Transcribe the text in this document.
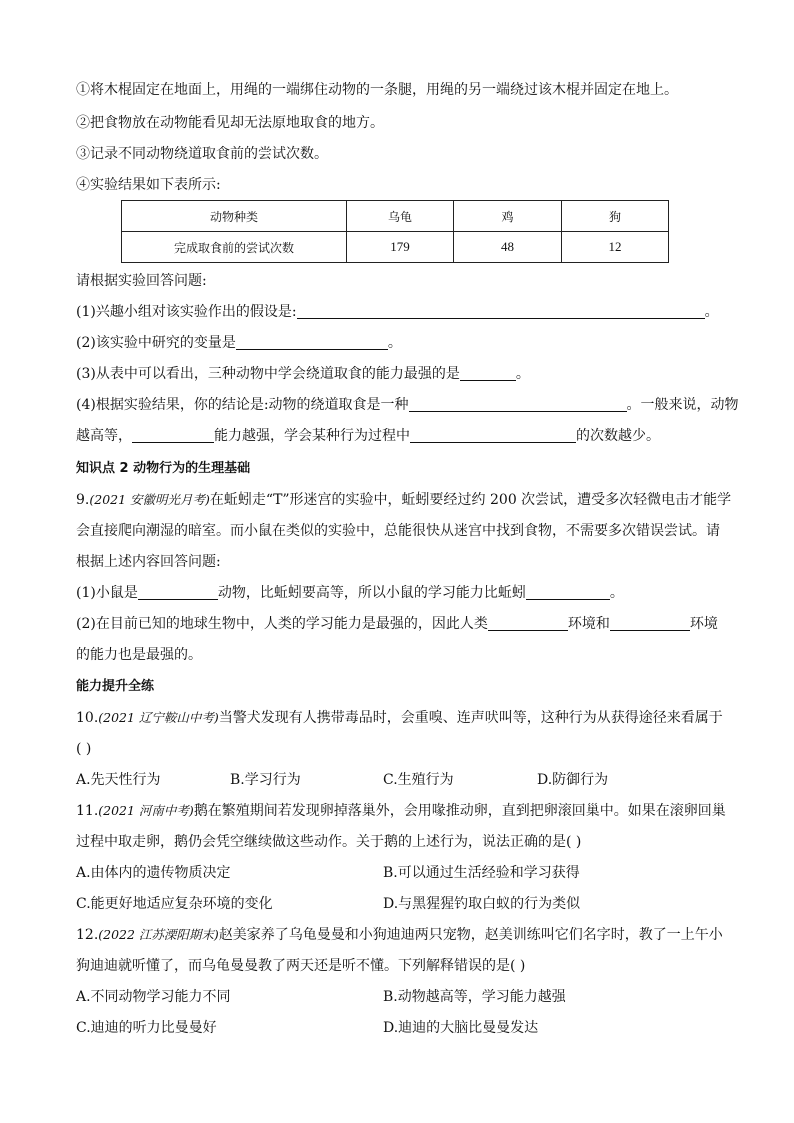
①将木棍固定在地面上，用绳的一端绑住动物的一条腿，用绳的另一端绕过该木棍并固定在地上。
②把食物放在动物能看见却无法原地取食的地方。
③记录不同动物绕道取食前的尝试次数。
④实验结果如下表所示:
动物种类	乌龟	鸡	狗
完成取食前的尝试次数	179	48	12
请根据实验回答问题:
(1)兴趣小组对该实验作出的假设是:	。
(2)该实验中研究的变量是	。
(3)从表中可以看出，三种动物中学会绕道取食的能力最强的是	。
(4)根据实验结果，你的结论是:动物的绕道取食是一种	。一般来说，动物
越高等，	能力越强，学会某种行为过程中	的次数越少。
知识点 2 动物行为的生理基础
9.(2021 安徽明光月考)在蚯蚓走“T”形迷宫的实验中，蚯蚓要经过约 200 次尝试，遭受多次轻微电击才能学
会直接爬向潮湿的暗室。而小鼠在类似的实验中，总能很快从迷宫中找到食物，不需要多次错误尝试。请
根据上述内容回答问题:
(1)小鼠是	动物，比蚯蚓要高等，所以小鼠的学习能力比蚯蚓	。
(2)在目前已知的地球生物中，人类的学习能力是最强的，因此人类	环境和	环境
的能力也是最强的。
能力提升全练
10.(2021 辽宁鞍山中考)当警犬发现有人携带毒品时，会重嗅、连声吠叫等，这种行为从获得途径来看属于
( )
A.先天性行为	B.学习行为	C.生殖行为	D.防御行为
11.(2021 河南中考)鹅在繁殖期间若发现卵掉落巢外，会用喙推动卵，直到把卵滚回巢中。如果在滚卵回巢
过程中取走卵，鹅仍会凭空继续做这些动作。关于鹅的上述行为，说法正确的是( )
A.由体内的遗传物质决定	B.可以通过生活经验和学习获得
C.能更好地适应复杂环境的变化	D.与黑猩猩钓取白蚁的行为类似
12.(2022 江苏溧阳期末)赵美家养了乌龟曼曼和小狗迪迪两只宠物，赵美训练叫它们名字时，教了一上午小
狗迪迪就听懂了，而乌龟曼曼教了两天还是听不懂。下列解释错误的是( )
A.不同动物学习能力不同	B.动物越高等，学习能力越强
C.迪迪的听力比曼曼好	D.迪迪的大脑比曼曼发达
